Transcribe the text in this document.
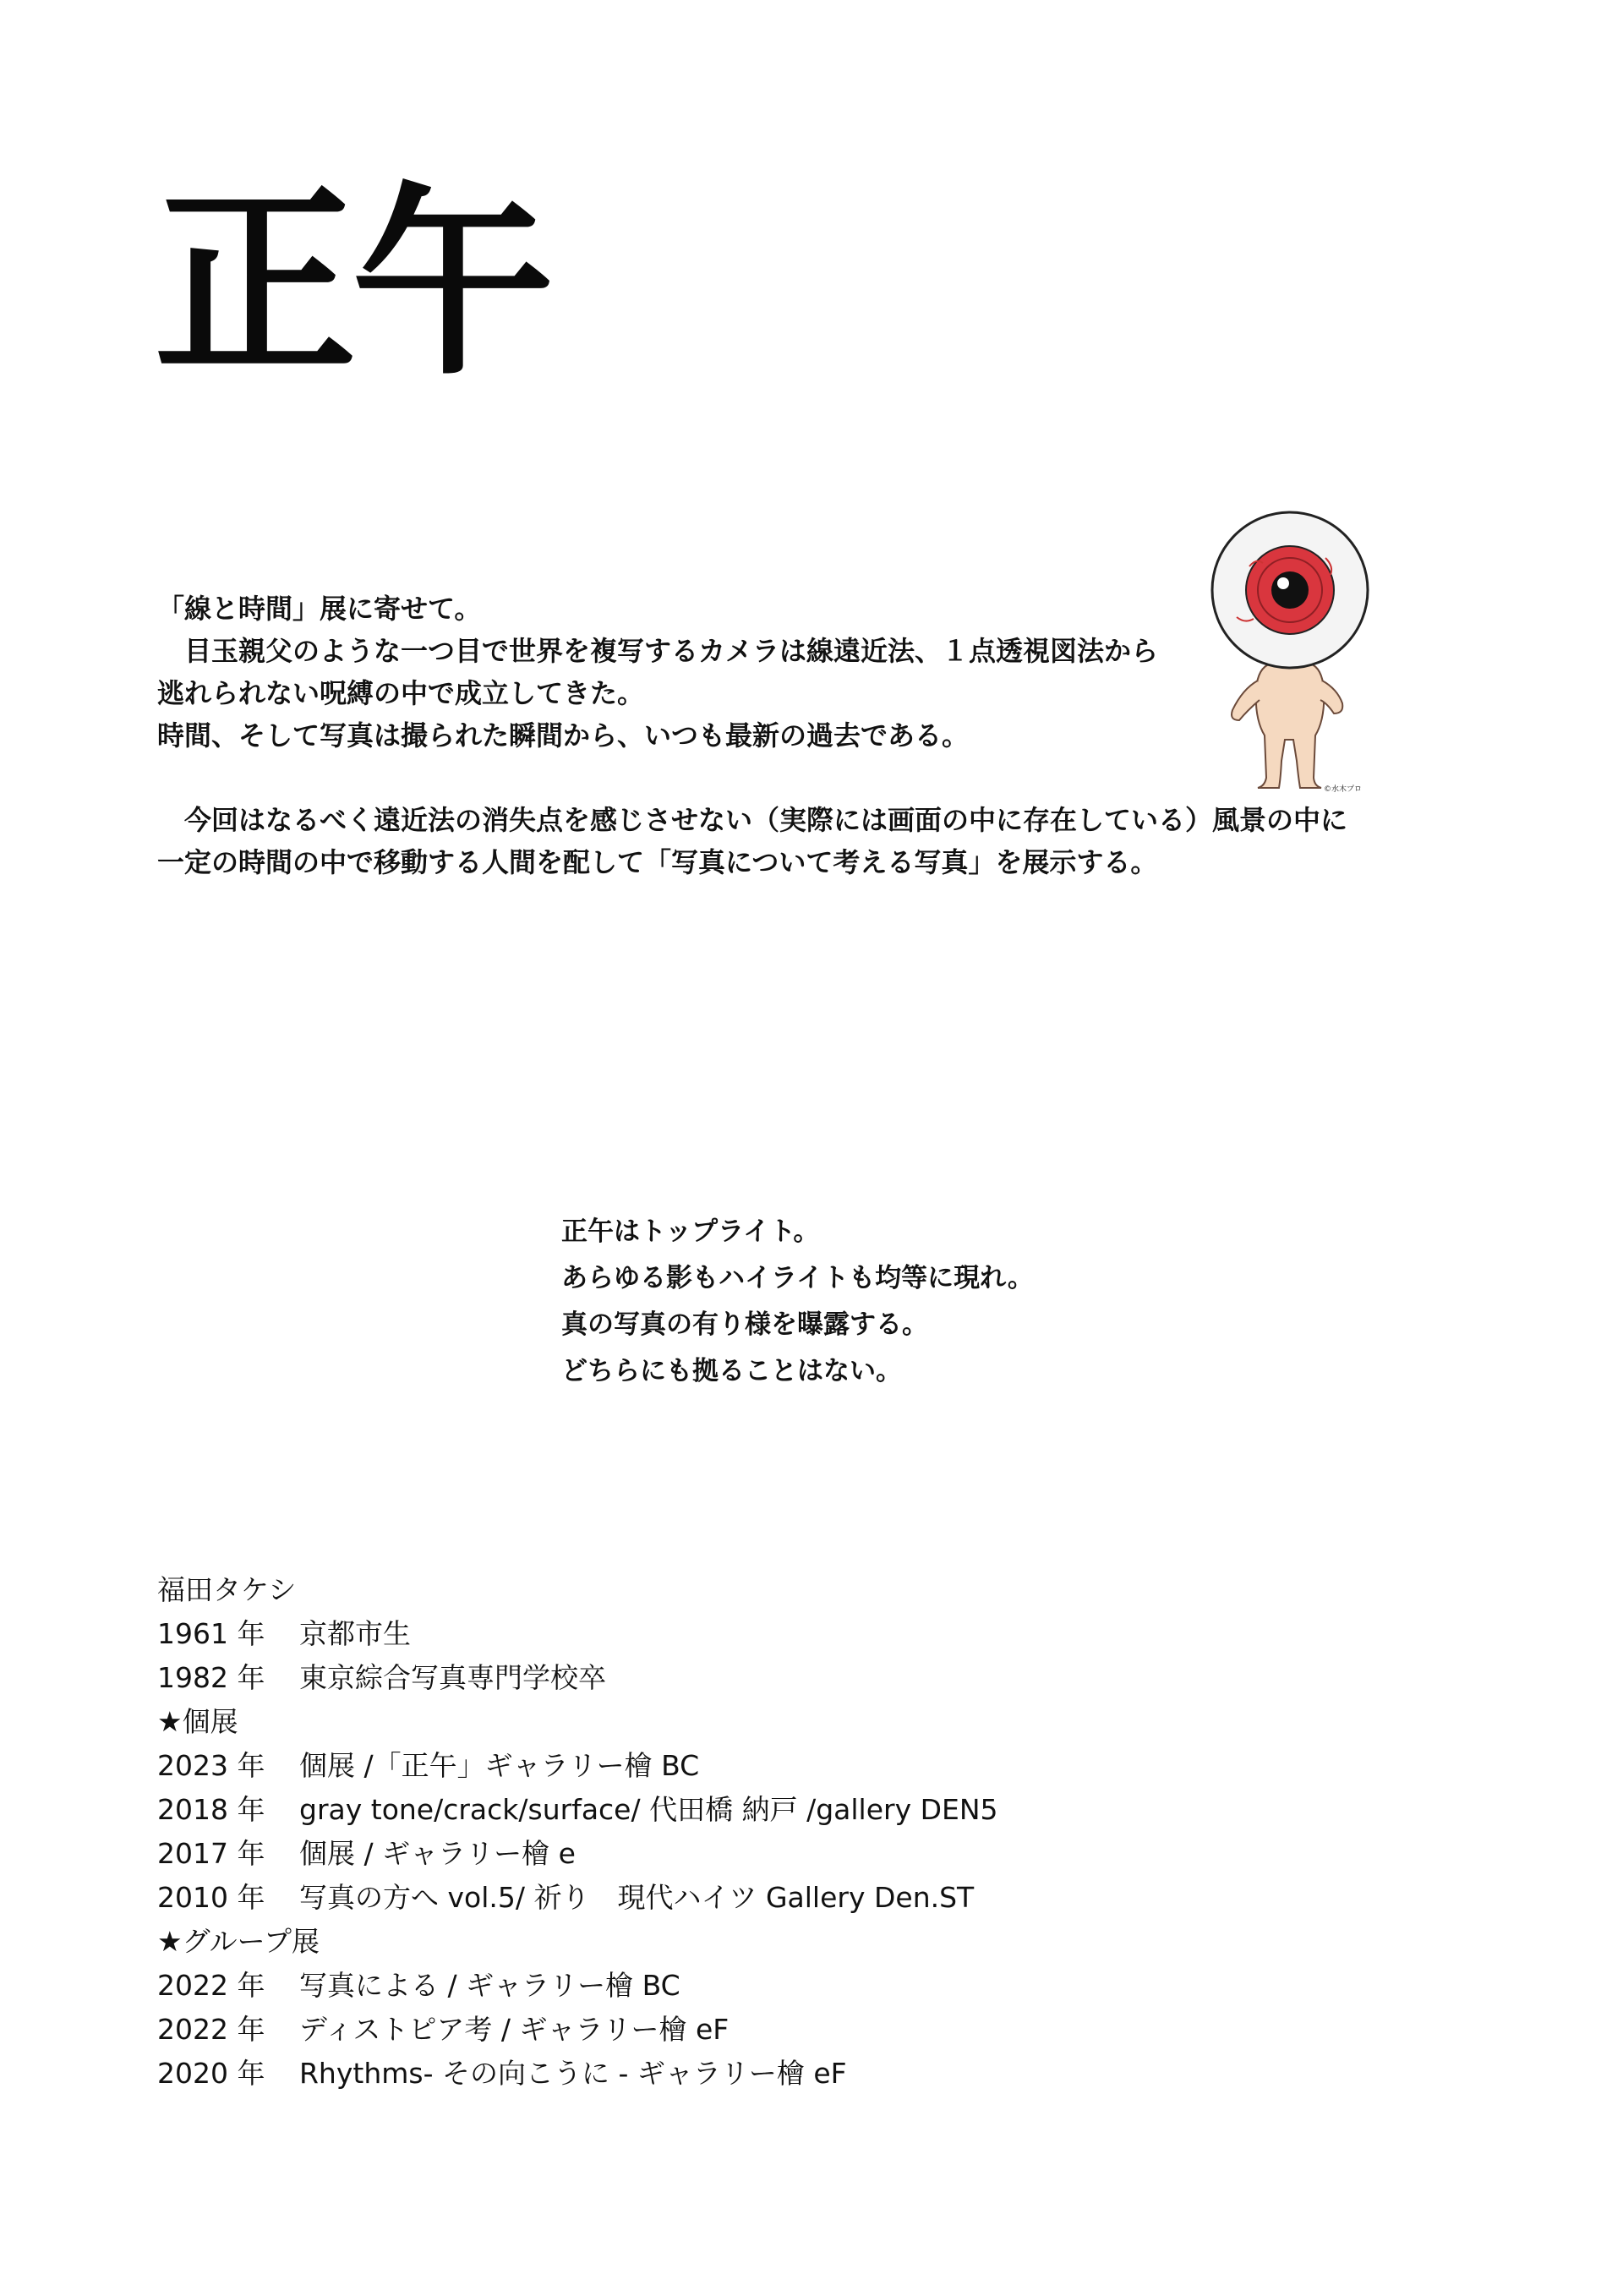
正午

「線と時間」展に寄せて。

　目玉親父のような一つ目で世界を複写するカメラは線遠近法、１点透視図法から

逃れられない呪縛の中で成立してきた。

時間、そして写真は撮られた瞬間から、いつも最新の過去である。

　今回はなるべく遠近法の消失点を感じさせない（実際には画面の中に存在している）風景の中に

一定の時間の中で移動する人間を配して「写真について考える写真」を展示する。

©水木プロ

正午はトップライト。

あらゆる影もハイライトも均等に現れ。

真の写真の有り様を曝露する。

どちらにも拠ることはない。

福田タケシ
1961 年	京都市生
1982 年	東京綜合写真専門学校卒
★個展
2023 年	個展 /「正午」ギャラリー檜 BC
2018 年	gray tone/crack/surface/ 代田橋 納戸 /gallery DEN5
2017 年	個展 / ギャラリー檜 e
2010 年	写真の方へ vol.5/ 祈り　現代ハイツ Gallery Den.ST
★グループ展
2022 年	写真による / ギャラリー檜 BC
2022 年	ディストピア考 / ギャラリー檜 eF
2020 年	Rhythms- その向こうに - ギャラリー檜 eF
